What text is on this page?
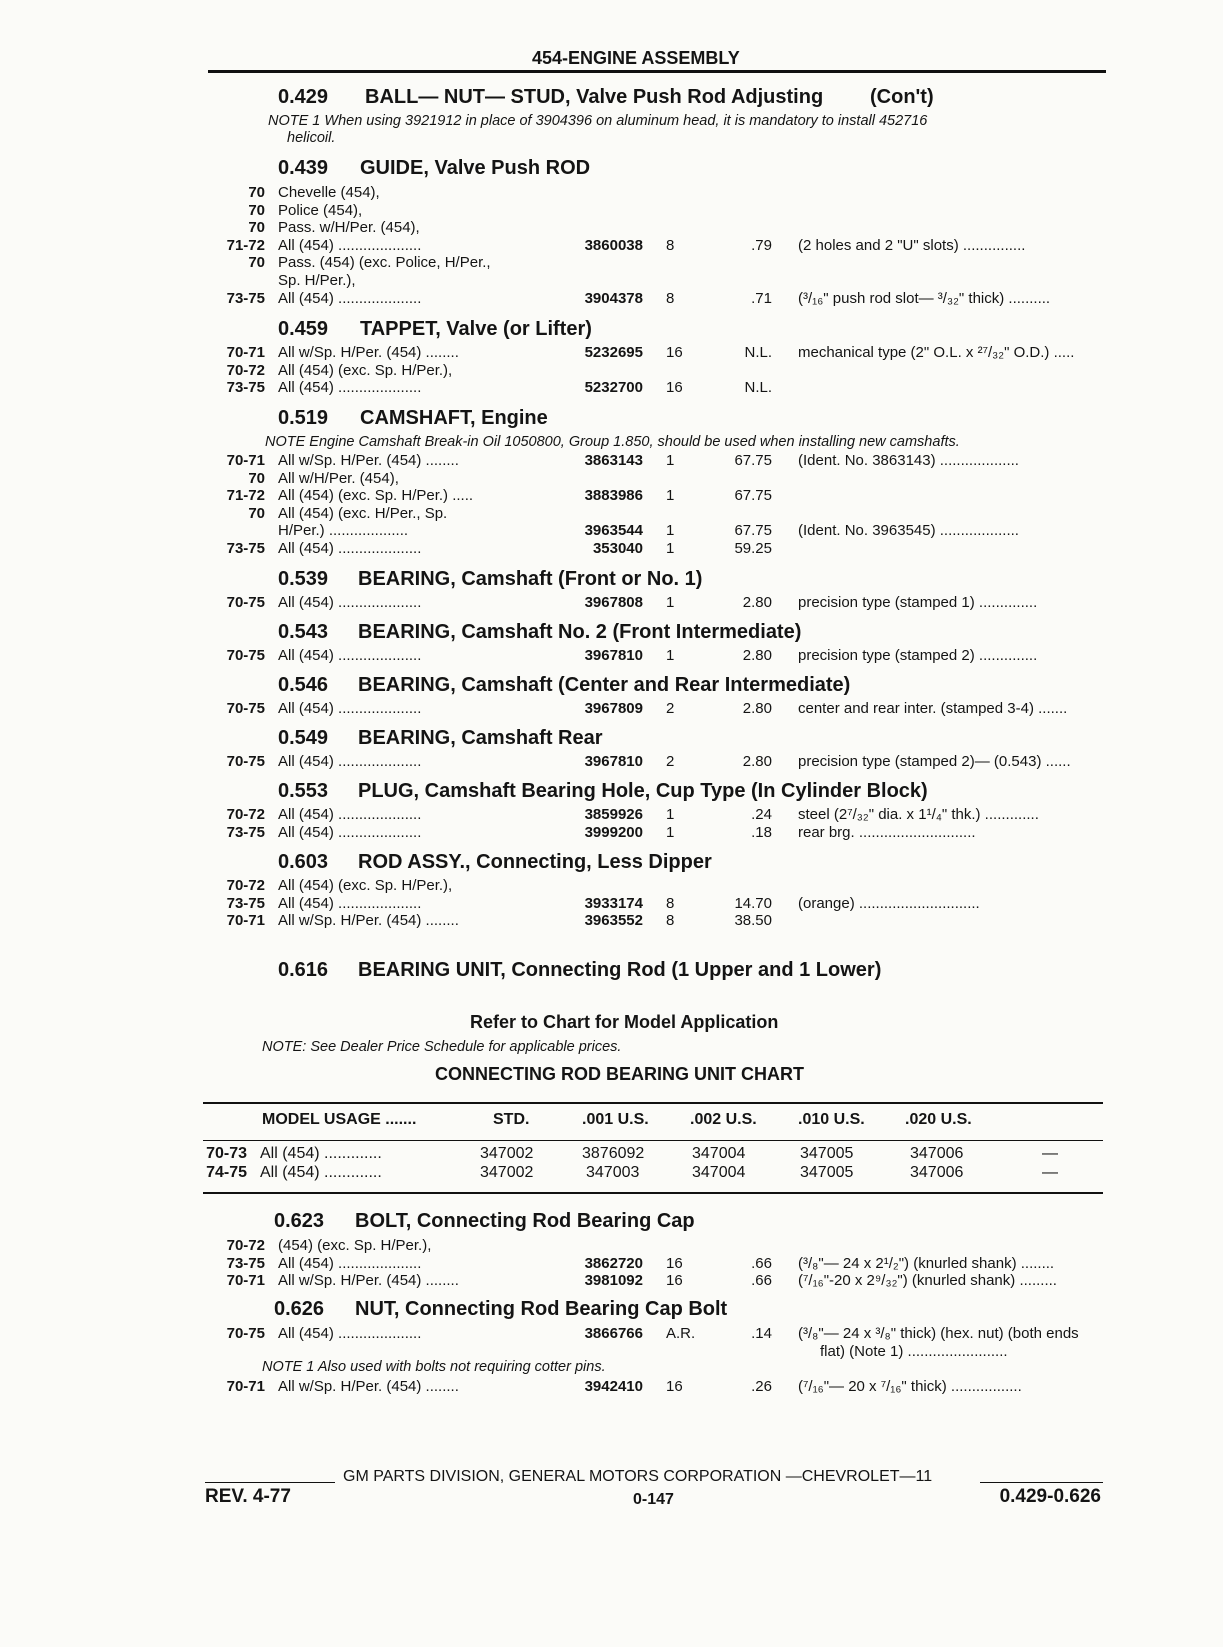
454-ENGINE ASSEMBLY
0.429 BALL— NUT— STUD, Valve Push Rod Adjusting (Con't)
NOTE 1 When using 3921912 in place of 3904396 on aluminum head, it is mandatory to install 452716
helicoil.
0.439 GUIDE, Valve Push ROD
70 Chevelle (454),
70 Police (454),
70 Pass. w/H/Per. (454),
71-72 All (454) ....................	3860038 8	.79 (2 holes and 2 "U" slots) ...............
70 Pass. (454) (exc. Police, H/Per.,
Sp. H/Per.),
73-75 All (454) ....................	3904378 8	.71 (³/₁₆" push rod slot— ³/₃₂" thick) ..........
0.459 TAPPET, Valve (or Lifter)
70-71 All w/Sp. H/Per. (454) ........	5232695 16	N.L. mechanical type (2" O.L. x ²⁷/₃₂" O.D.) .....
70-72 All (454) (exc. Sp. H/Per.),
73-75 All (454) ....................	5232700 16	N.L.
0.519 CAMSHAFT, Engine
NOTE Engine Camshaft Break-in Oil 1050800, Group 1.850, should be used when installing new camshafts.
70-71 All w/Sp. H/Per. (454) ........	3863143 1	67.75 (Ident. No. 3863143) ...................
70 All w/H/Per. (454),
71-72 All (454) (exc. Sp. H/Per.) .....	3883986 1	67.75
70 All (454) (exc. H/Per., Sp.
H/Per.) ...................	3963544 1	67.75 (Ident. No. 3963545) ...................
73-75 All (454) ....................	353040 1	59.25
0.539 BEARING, Camshaft (Front or No. 1)
70-75 All (454) ....................	3967808 1	2.80 precision type (stamped 1) ..............
0.543 BEARING, Camshaft No. 2 (Front Intermediate)
70-75 All (454) ....................	3967810 1	2.80 precision type (stamped 2) ..............
0.546 BEARING, Camshaft (Center and Rear Intermediate)
70-75 All (454) ....................	3967809 2	2.80 center and rear inter. (stamped 3-4) .......
0.549 BEARING, Camshaft Rear
70-75 All (454) ....................	3967810 2	2.80 precision type (stamped 2)— (0.543) ......
0.553 PLUG, Camshaft Bearing Hole, Cup Type (In Cylinder Block)
70-72 All (454) ....................	3859926 1	.24 steel (2⁷/₃₂" dia. x 1¹/₄" thk.) .............
73-75 All (454) ....................	3999200 1	.18 rear brg. ............................
0.603 ROD ASSY., Connecting, Less Dipper
70-72 All (454) (exc. Sp. H/Per.),
73-75 All (454) ....................	3933174 8	14.70 (orange) .............................
70-71 All w/Sp. H/Per. (454) ........	3963552 8	38.50
0.616 BEARING UNIT, Connecting Rod (1 Upper and 1 Lower)
Refer to Chart for Model Application
NOTE: See Dealer Price Schedule for applicable prices.
CONNECTING ROD BEARING UNIT CHART
MODEL USAGE .......	STD.	.001 U.S.	.002 U.S.	.010 U.S.	.020 U.S.
70-73 All (454) .............	347002	3876092	347004	347005	347006	—
74-75 All (454) .............	347002	347003	347004	347005	347006	—
0.623 BOLT, Connecting Rod Bearing Cap
70-72 (454) (exc. Sp. H/Per.),
73-75 All (454) ....................	3862720 16	.66 (³/₈"— 24 x 2¹/₂") (knurled shank) ........
70-71 All w/Sp. H/Per. (454) ........	3981092 16	.66 (⁷/₁₆"-20 x 2⁹/₃₂") (knurled shank) .........
0.626 NUT, Connecting Rod Bearing Cap Bolt
70-75 All (454) ....................	3866766 A.R.	.14 (³/₈"— 24 x ³/₈" thick) (hex. nut) (both ends
flat) (Note 1) ........................
NOTE 1 Also used with bolts not requiring cotter pins.
70-71 All w/Sp. H/Per. (454) ........	3942410 16	.26 (⁷/₁₆"— 20 x ⁷/₁₆" thick) .................
GM PARTS DIVISION, GENERAL MOTORS CORPORATION —CHEVROLET—11
REV. 4-77	0-147	0.429-0.626
